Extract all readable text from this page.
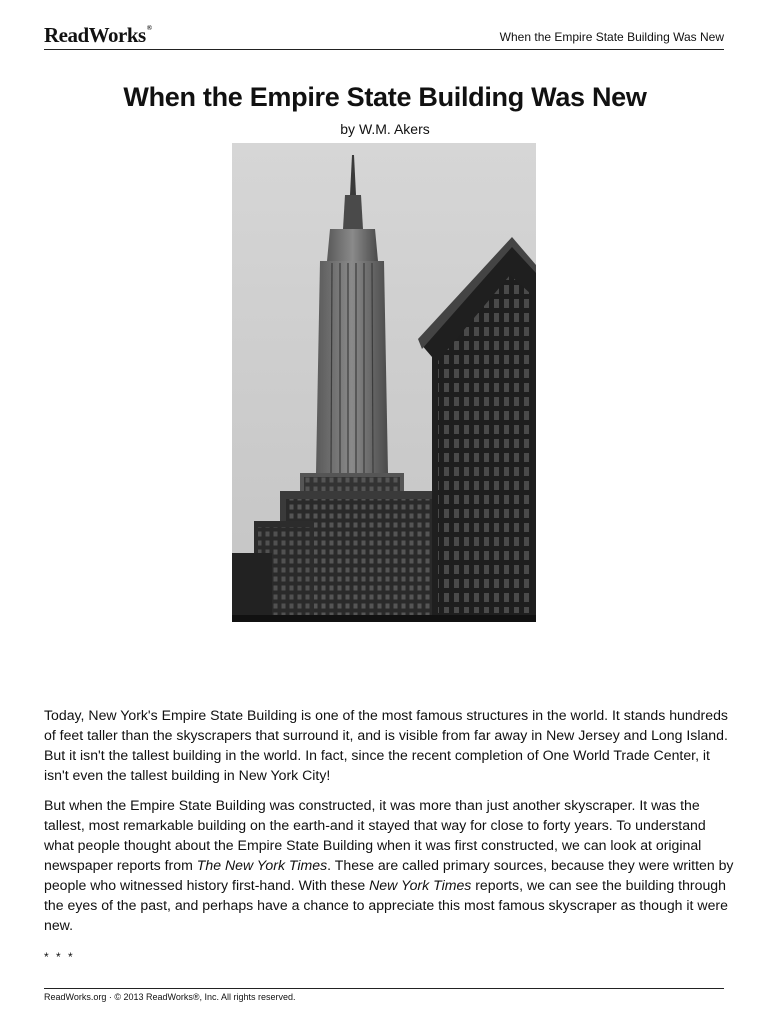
ReadWorks®
When the Empire State Building Was New
When the Empire State Building Was New
by W.M. Akers

Today, New York's Empire State Building is one of the most famous structures in the world. It stands hundreds of feet taller than the skyscrapers that surround it, and is visible from far away in New Jersey and Long Island. But it isn't the tallest building in the world. In fact, since the recent completion of One World Trade Center, it isn't even the tallest building in New York City!

But when the Empire State Building was constructed, it was more than just another skyscraper. It was the tallest, most remarkable building on the earth-and it stayed that way for close to forty years. To understand what people thought about the Empire State Building when it was first constructed, we can look at original newspaper reports from The New York Times. These are called primary sources, because they were written by people who witnessed history first-hand. With these New York Times reports, we can see the building through the eyes of the past, and perhaps have a chance to appreciate this most famous skyscraper as though it were new.

* * *
ReadWorks.org · © 2013 ReadWorks®, Inc. All rights reserved.
